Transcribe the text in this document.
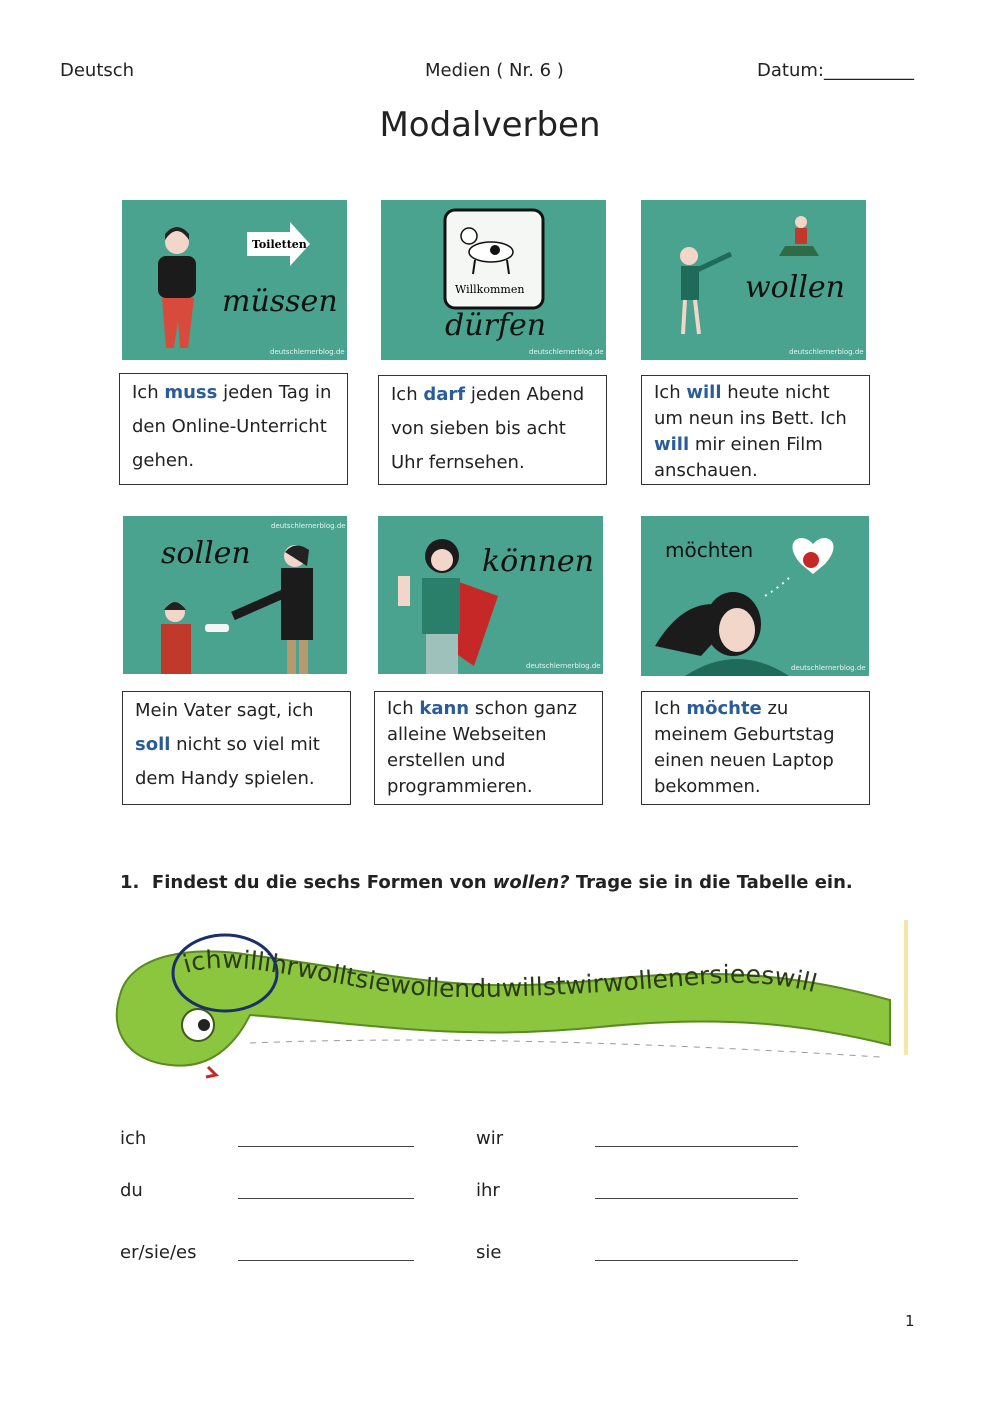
Deutsch	Medien ( Nr. 6 )	Datum:__________
Modalverben
Toiletten
müssen
deutschlernerblog.de
Willkommen
dürfen
deutschlernerblog.de
wollen
deutschlernerblog.de
Ich muss jeden Tag in den Online-Unterricht gehen.
Ich darf jeden Abend von sieben bis acht Uhr fernsehen.
Ich will heute nicht um neun ins Bett. Ich will mir einen Film anschauen.
sollen
deutschlernerblog.de
können
deutschlernerblog.de
möchten
deutschlernerblog.de
Mein Vater sagt, ich soll nicht so viel mit dem Handy spielen.
Ich kann schon ganz alleine Webseiten erstellen und programmieren.
Ich möchte zu meinem Geburtstag einen neuen Laptop bekommen.
1. Findest du die sechs Formen von wollen? Trage sie in die Tabelle ein.
ichwillihrwolltsiewollenduwillstwirwollenersieeswill
ich	wir
du	ihr
er/sie/es	sie
1
